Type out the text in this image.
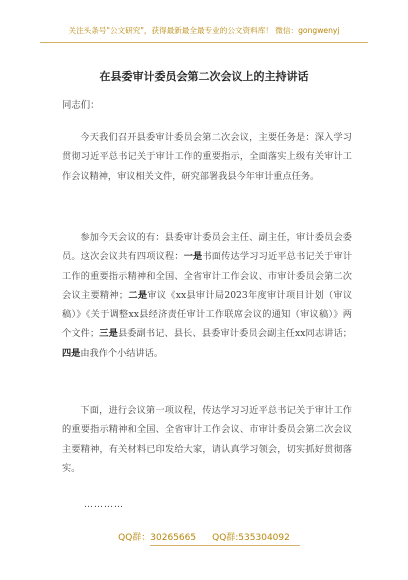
关注头条号"公文研究"，获得最新最全最专业的公文资料库！ 微信：gongwenyj
在县委审计委员会第二次会议上的主持讲话
同志们：

今天我们召开县委审计委员会第二次会议，主要任务是：深入学习贯彻习近平总书记关于审计工作的重要指示，全面落实上级有关审计工作会议精神，审议相关文件，研究部署我县今年审计重点任务。

参加今天会议的有：县委审计委员会主任、副主任，审计委员会委员。这次会议共有四项议程：一是书面传达学习习近平总书记关于审计工作的重要指示精神和全国、全省审计工作会议、市审计委员会第二次会议主要精神；二是审议《xx县审计局2023年度审计项目计划（审议稿）》《关于调整xx县经济责任审计工作联席会议的通知（审议稿）》两个文件；三是县委副书记、县长、县委审计委员会副主任xx同志讲话；四是由我作个小结讲话。

下面，进行会议第一项议程，传达学习习近平总书记关于审计工作的重要指示精神和全国、全省审计工作会议、市审计委员会第二次会议主要精神，有关材料已印发给大家，请认真学习领会，切实抓好贯彻落实。

…………
QQ群：30265665 QQ群:535304092
